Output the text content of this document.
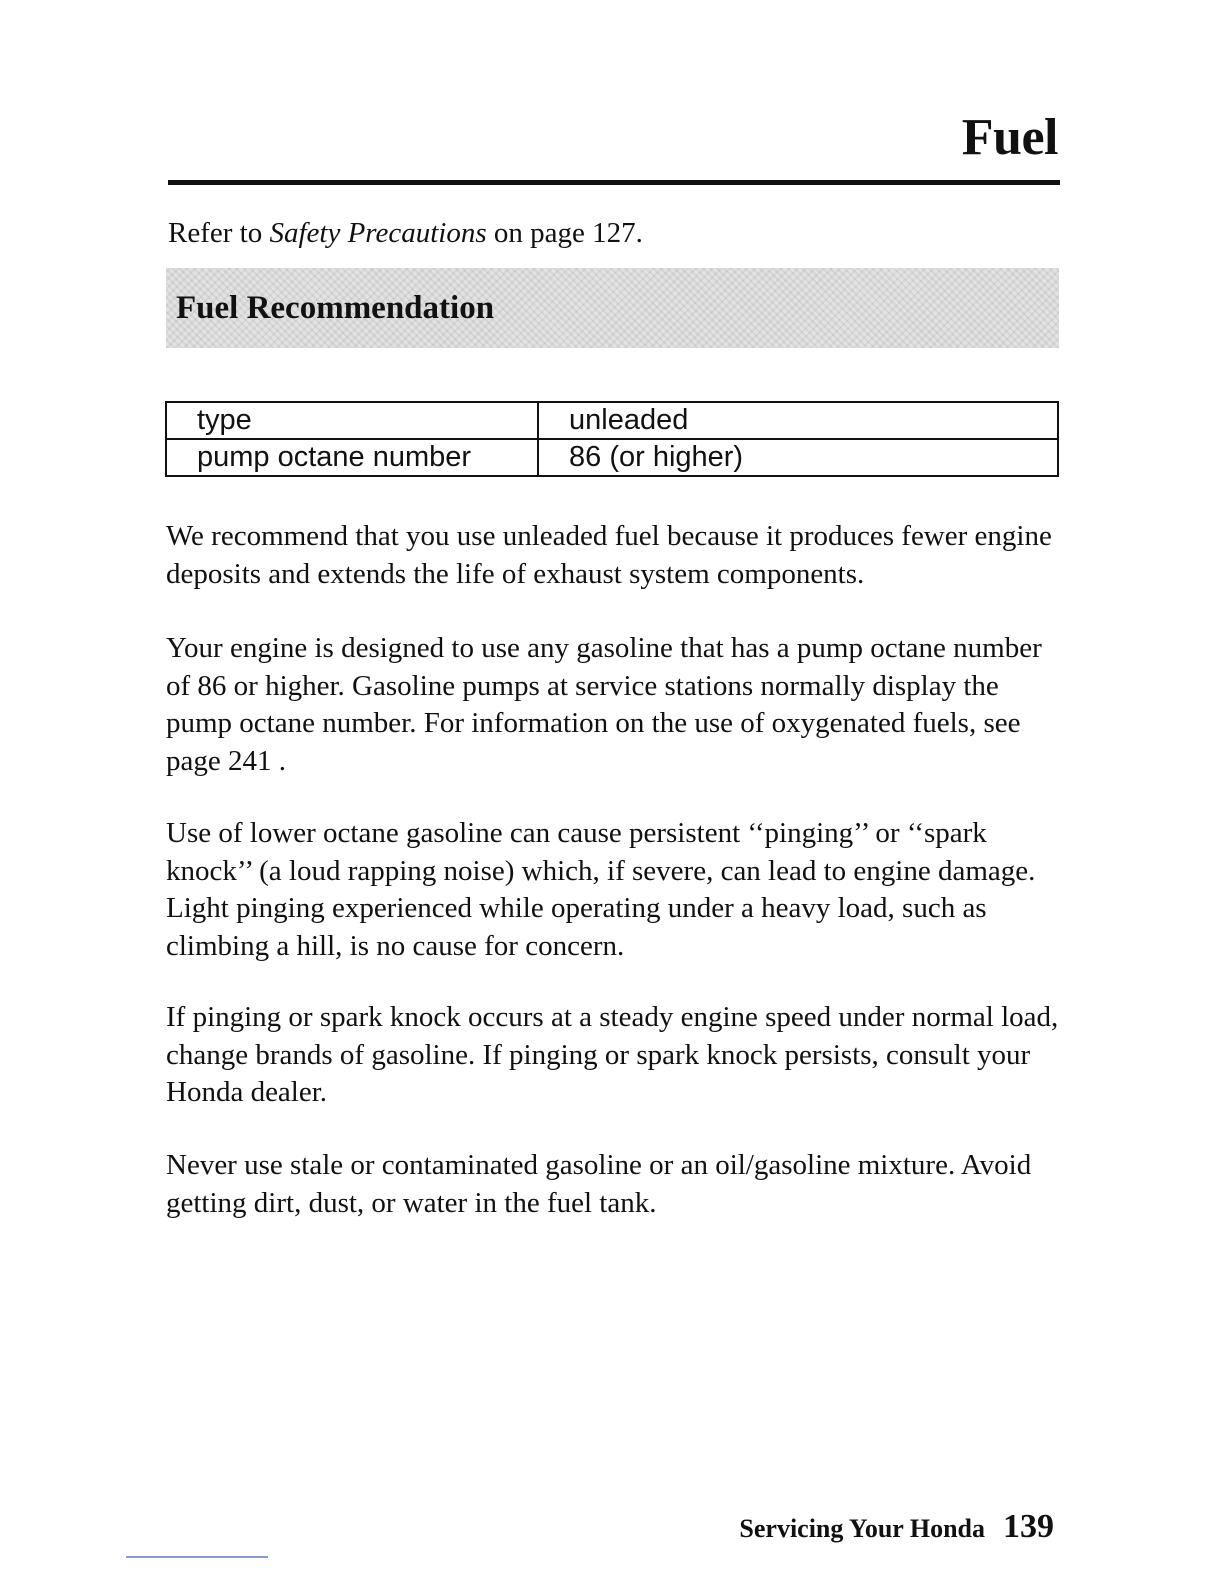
Fuel

Refer to Safety Precautions on page 127.

Fuel Recommendation
type	unleaded
pump octane number	86 (or higher)

We recommend that you use unleaded fuel because it produces fewer engine deposits and extends the life of exhaust system components.

Your engine is designed to use any gasoline that has a pump octane number of 86 or higher. Gasoline pumps at service stations normally display the pump octane number. For information on the use of oxygenated fuels, see page 241 .

Use of lower octane gasoline can cause persistent ‘‘pinging’’ or ‘‘spark knock’’ (a loud rapping noise) which, if severe, can lead to engine damage. Light pinging experienced while operating under a heavy load, such as climbing a hill, is no cause for concern.

If pinging or spark knock occurs at a steady engine speed under normal load, change brands of gasoline. If pinging or spark knock persists, consult your Honda dealer.

Never use stale or contaminated gasoline or an oil/gasoline mixture. Avoid getting dirt, dust, or water in the fuel tank.

Servicing Your Honda 139
